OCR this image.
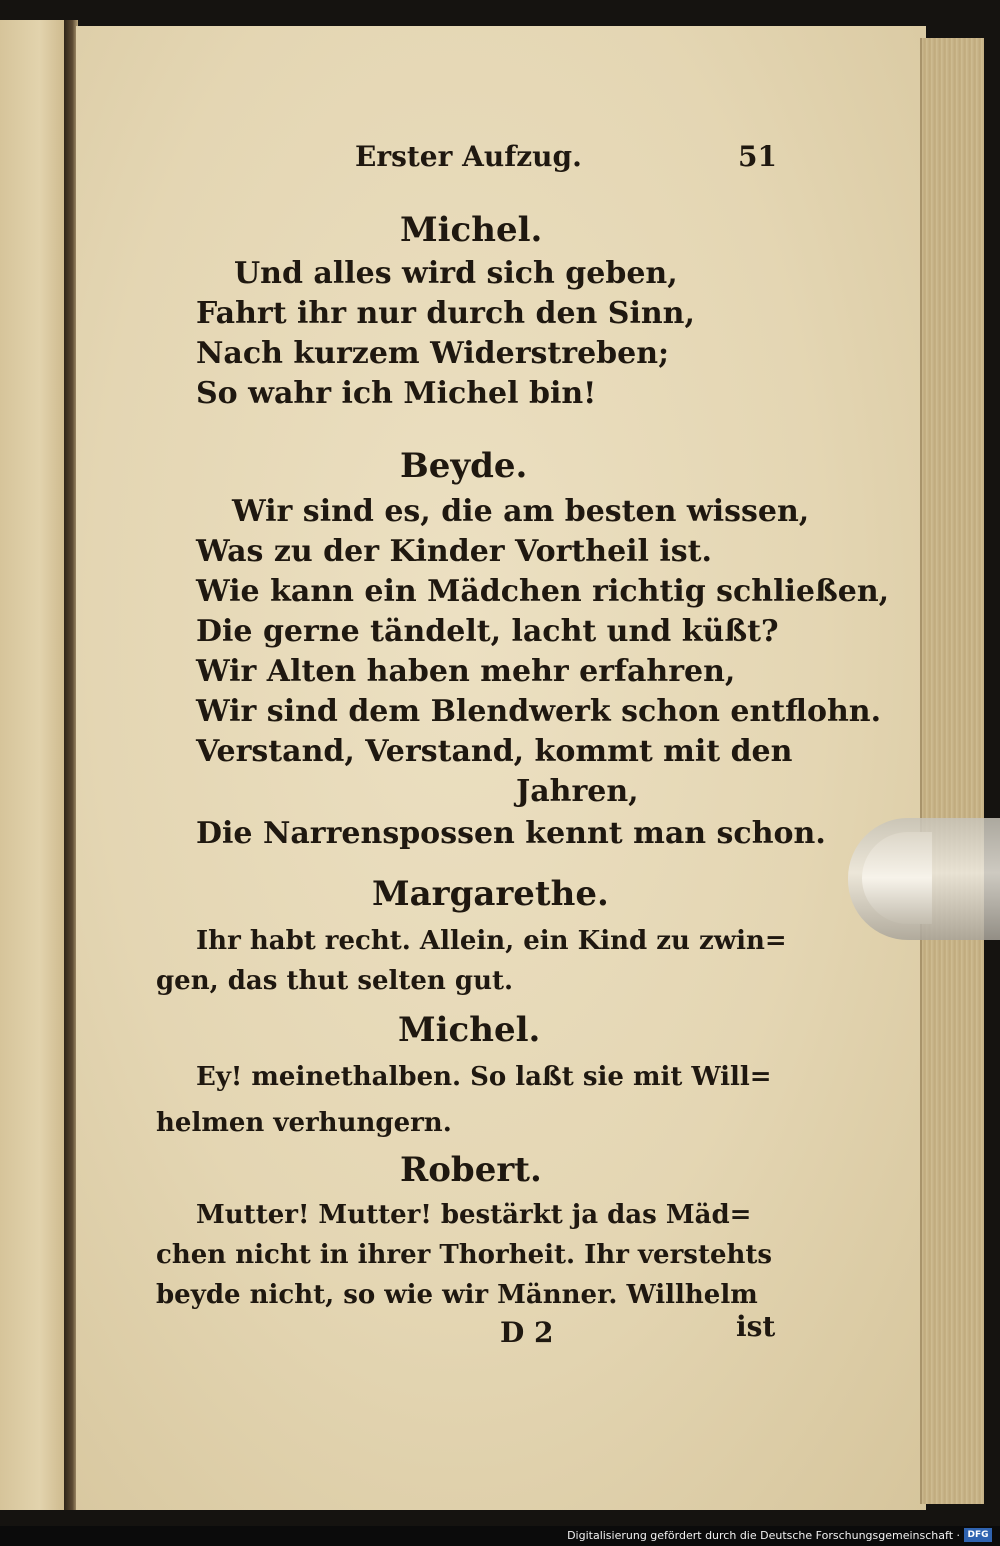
Erster Aufzug.	51
Michel.
Und alles wird sich geben,
Fahrt ihr nur durch den Sinn,
Nach kurzem Widerstreben;
So wahr ich Michel bin!
Beyde.
Wir sind es, die am besten wissen,
Was zu der Kinder Vortheil ist.
Wie kann ein Mädchen richtig schließen,
Die gerne tändelt, lacht und küßt?
Wir Alten haben mehr erfahren,
Wir sind dem Blendwerk schon entflohn.
Verstand, Verstand, kommt mit den
Jahren,
Die Narrenspossen kennt man schon.
Margarethe.
Ihr habt recht. Allein, ein Kind zu zwin=
gen, das thut selten gut.
Michel.
Ey! meinethalben. So laßt sie mit Will=
helmen verhungern.
Robert.
Mutter! Mutter! bestärkt ja das Mäd=
chen nicht in ihrer Thorheit. Ihr verstehts
beyde nicht, so wie wir Männer. Willhelm
D 2	ist
Digitalisierung gefördert durch die Deutsche Forschungsgemeinschaft · DFG
